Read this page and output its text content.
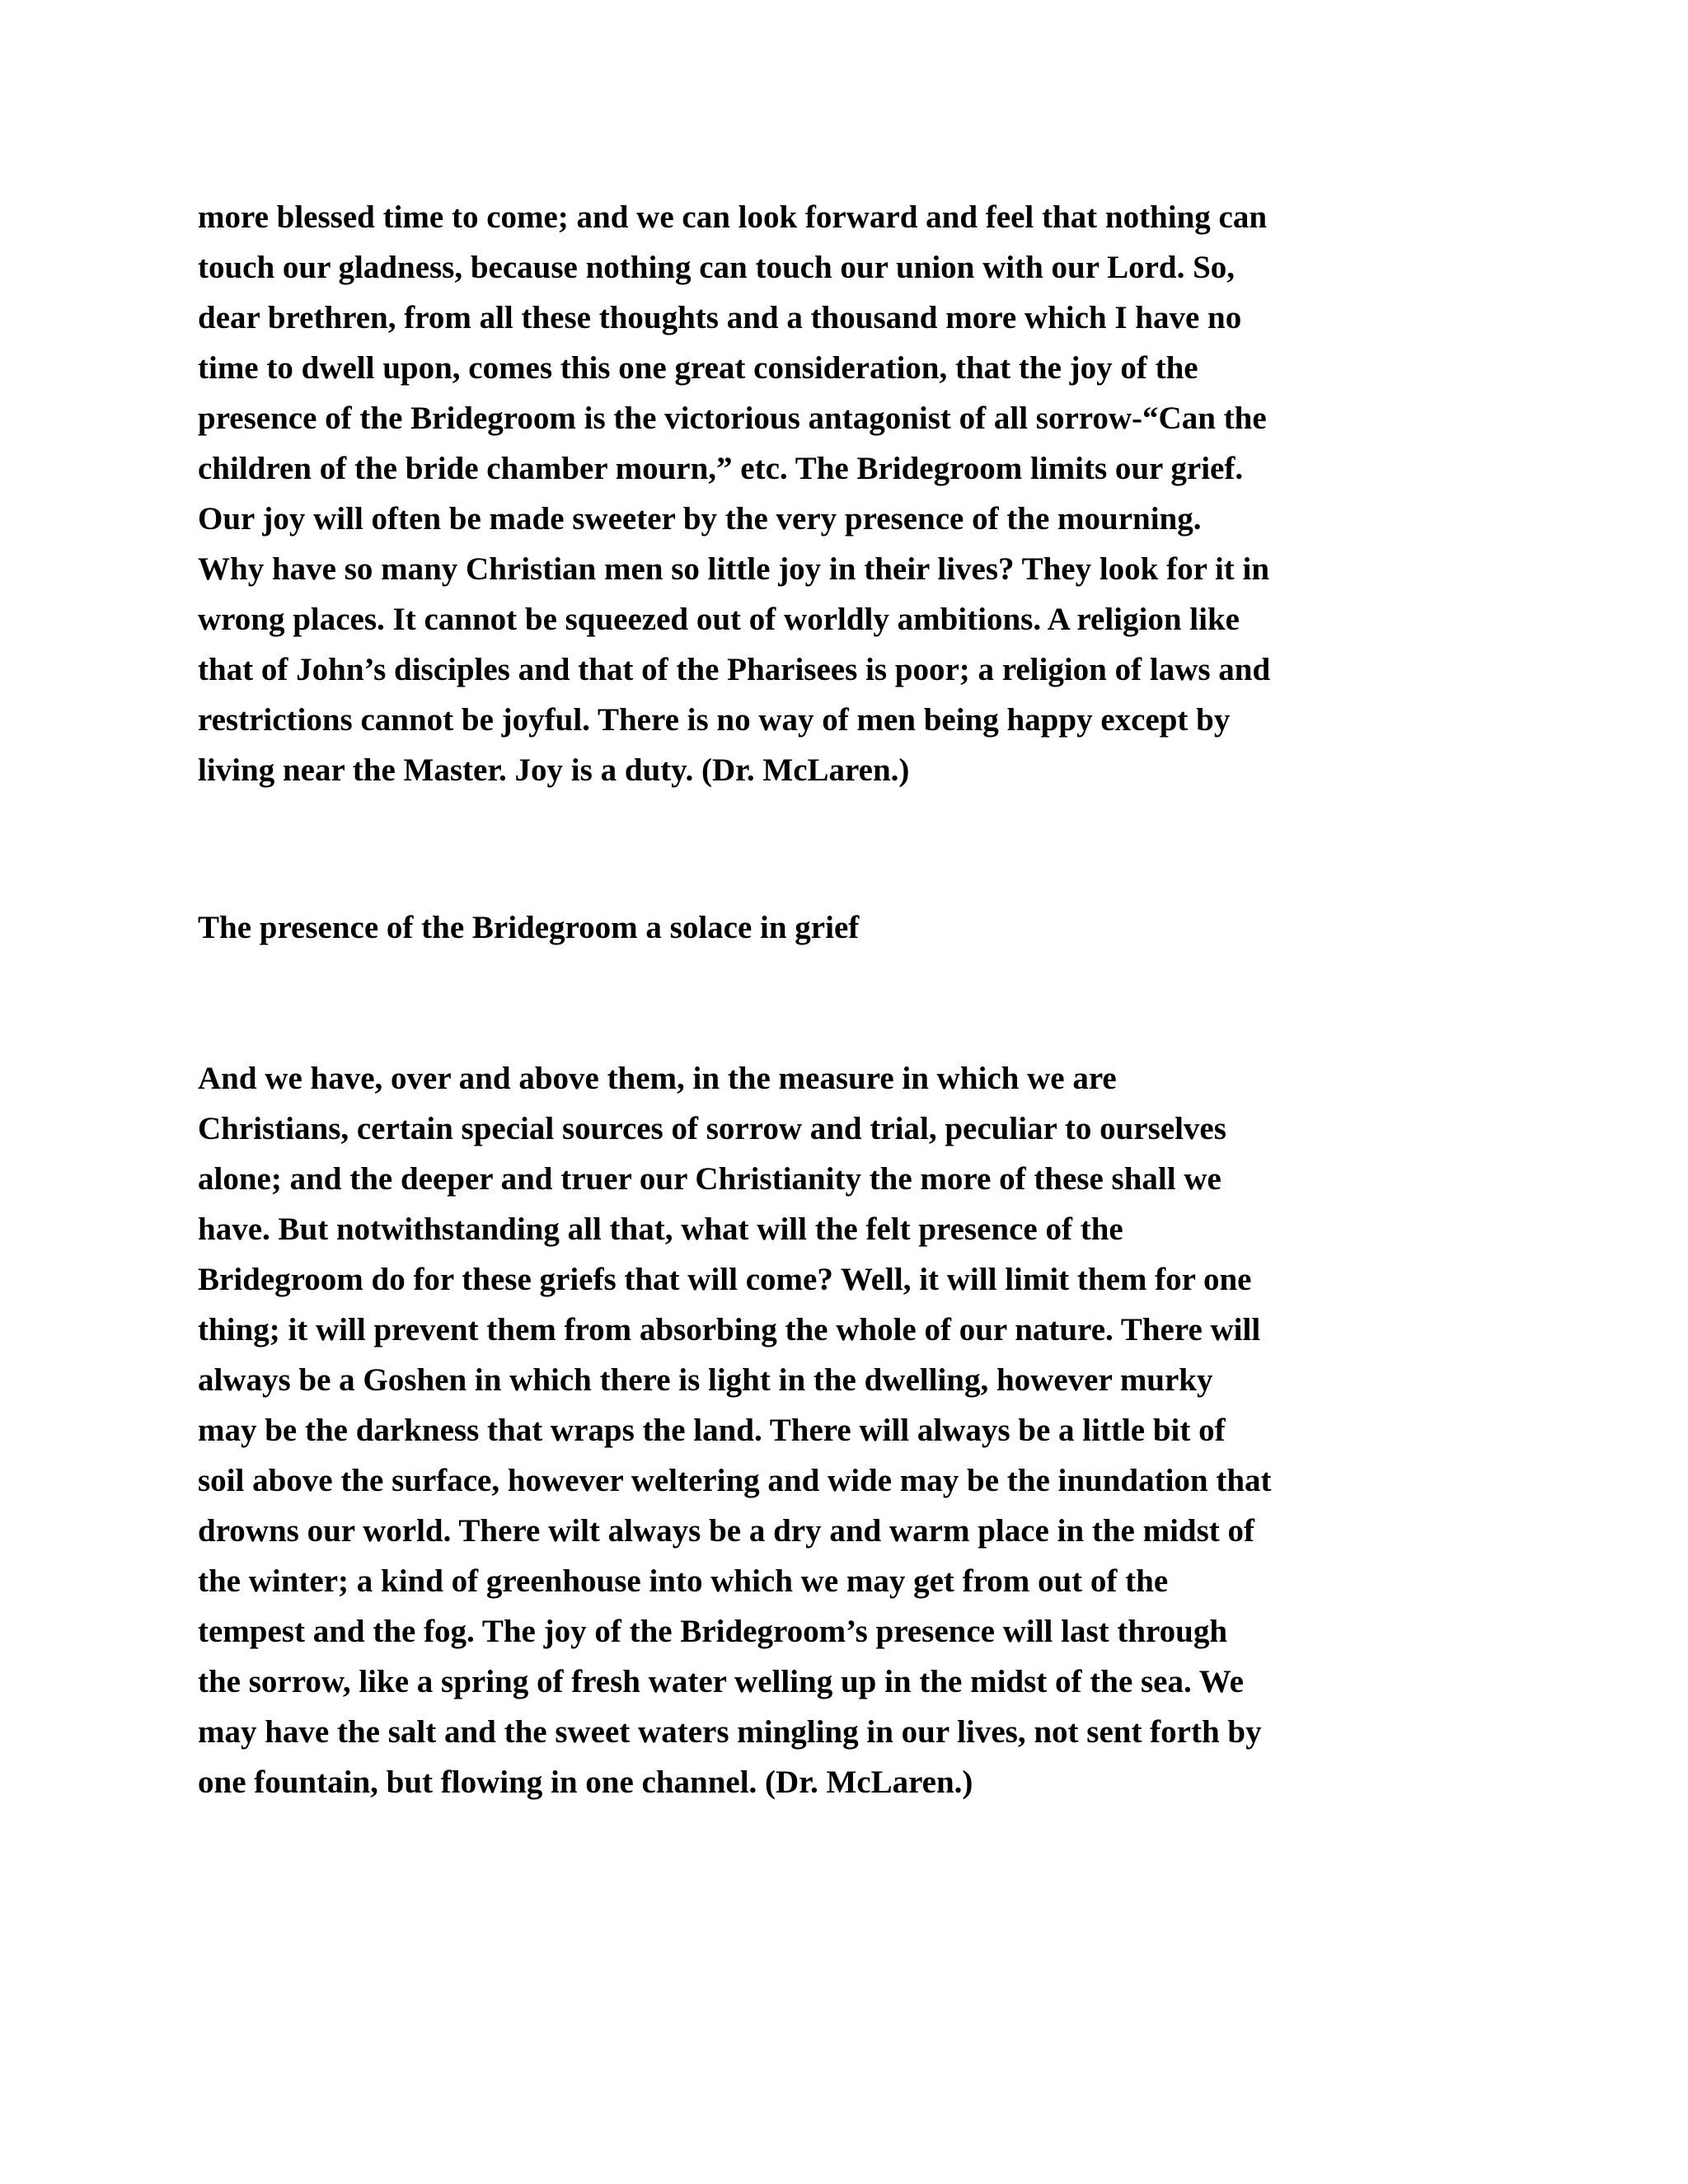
more blessed time to come; and we can look forward and feel that nothing can
touch our gladness, because nothing can touch our union with our Lord. So,
dear brethren, from all these thoughts and a thousand more which I have no
time to dwell upon, comes this one great consideration, that the joy of the
presence of the Bridegroom is the victorious antagonist of all sorrow-“Can the
children of the bride chamber mourn,” etc. The Bridegroom limits our grief.
Our joy will often be made sweeter by the very presence of the mourning.
Why have so many Christian men so little joy in their lives? They look for it in
wrong places. It cannot be squeezed out of worldly ambitions. A religion like
that of John’s disciples and that of the Pharisees is poor; a religion of laws and
restrictions cannot be joyful. There is no way of men being happy except by
living near the Master. Joy is a duty. (Dr. McLaren.)
The presence of the Bridegroom a solace in grief
And we have, over and above them, in the measure in which we are
Christians, certain special sources of sorrow and trial, peculiar to ourselves
alone; and the deeper and truer our Christianity the more of these shall we
have. But notwithstanding all that, what will the felt presence of the
Bridegroom do for these griefs that will come? Well, it will limit them for one
thing; it will prevent them from absorbing the whole of our nature. There will
always be a Goshen in which there is light in the dwelling, however murky
may be the darkness that wraps the land. There will always be a little bit of
soil above the surface, however weltering and wide may be the inundation that
drowns our world. There wilt always be a dry and warm place in the midst of
the winter; a kind of greenhouse into which we may get from out of the
tempest and the fog. The joy of the Bridegroom’s presence will last through
the sorrow, like a spring of fresh water welling up in the midst of the sea. We
may have the salt and the sweet waters mingling in our lives, not sent forth by
one fountain, but flowing in one channel. (Dr. McLaren.)
